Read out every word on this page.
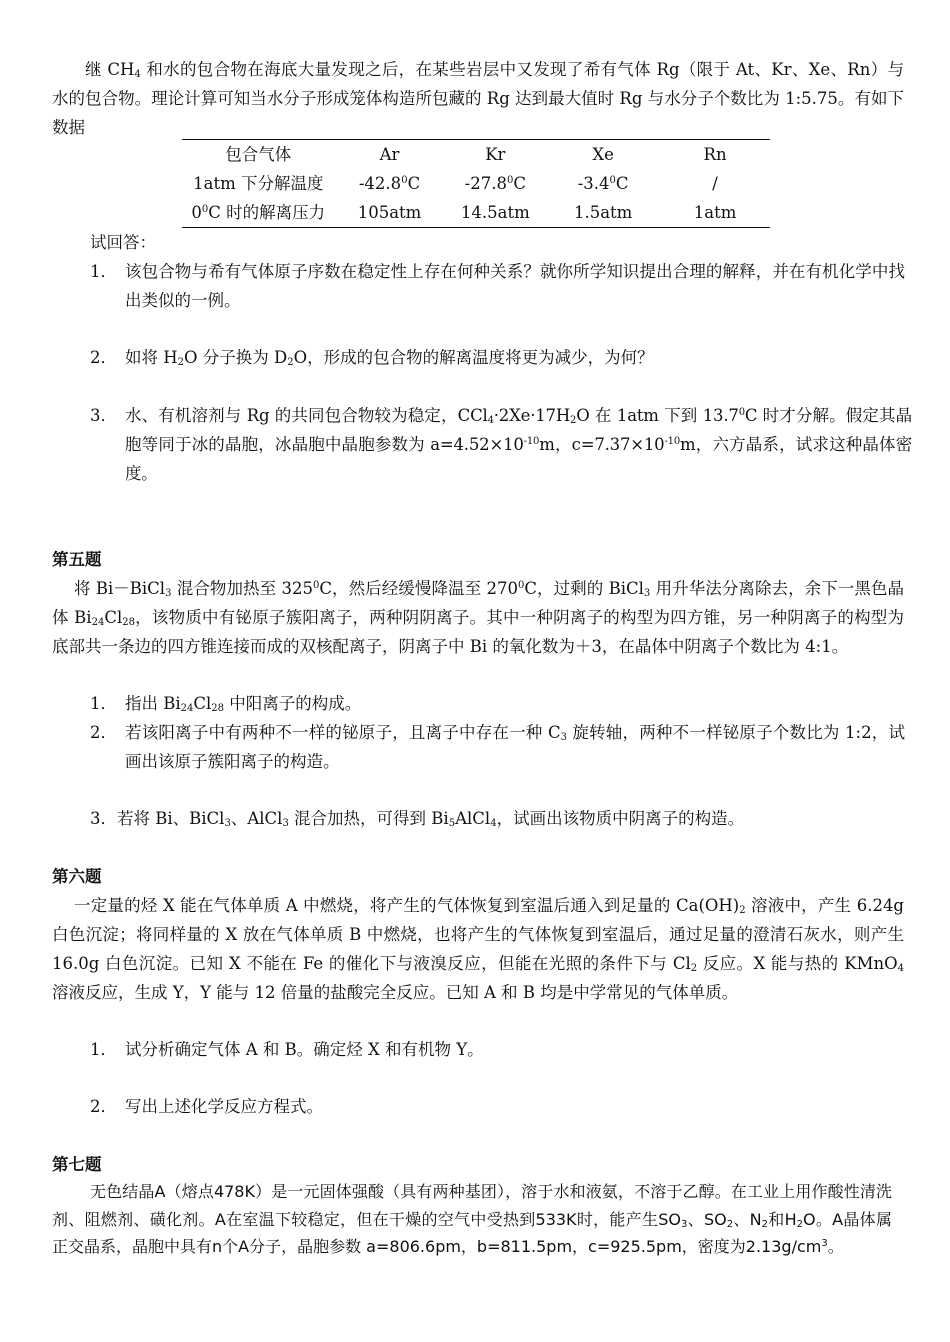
继 $CH_4$ 和水的包合物在海底大量发现之后，在某些岩层中又发现了希有气体 Rg（限于 At、Kr、Xe、Rn）与水的包合物。理论计算可知当水分子形成笼体构造所包藏的 Rg 达到最大值时 Rg 与水分子个数比为 1:5.75。有如下数据
包合气体	Ar	Kr	Xe	Rn
1atm 下分解温度	-42.8$^0$C	-27.8$^0$C	$-3.4^0C$	/
$0^0C$ 时的解离压力	105atm	14.5atm	1.5atm	1atm
试回答：
1． 该包合物与希有气体原子序数在稳定性上存在何种关系？就你所学知识提出合理的解释，并在有机化学中找出类似的一例。
2． 如将 $H_2O$ 分子换为 $D_2O$，形成的包合物的解离温度将更为减少，为何？
3． 水、有机溶剂与 Rg 的共同包合物较为稳定，$CCl_4\cdot 2Xe\cdot 17H_2O$ 在 1atm 下到 13.7$^0$C 时才分解。假定其晶胞等同于冰的晶胞，冰晶胞中晶胞参数为 $a=4.52\times 10^{-10}m$，$c=7.37\times 10^{-10}m$，六方晶系，试求这种晶体密度。
第五题
将 Bi－BiCl$_3$ 混合物加热至 $325^0C$，然后经缓慢降温至 $270^0C$，过剩的 BiCl$_3$ 用升华法分离除去，余下一黑色晶体 $Bi_{24}Cl_{28}$，该物质中有铋原子簇阳离子，两种阴阴离子。其中一种阴离子的构型为四方锥，另一种阴离子的构型为底部共一条边的四方锥连接而成的双核配离子，阴离子中 Bi 的氧化数为＋3，在晶体中阴离子个数比为 4:1。
1． 指出 $Bi_{24}Cl_{28}$ 中阳离子的构成。
2． 若该阳离子中有两种不一样的铋原子，且离子中存在一种 $C_3$ 旋转轴，两种不一样铋原子个数比为 1:2，试画出该原子簇阳离子的构造。
3．若将 Bi、BiCl$_3$、AlCl$_3$ 混合加热，可得到 $Bi_5AlCl_4$，试画出该物质中阴离子的构造。
第六题
一定量的烃 X 能在气体单质 A 中燃烧，将产生的气体恢复到室温后通入到足量的 $Ca(OH)_2$ 溶液中，产生 6.24g 白色沉淀；将同样量的 X 放在气体单质 B 中燃烧，也将产生的气体恢复到室温后，通过足量的澄清石灰水，则产生 16.0g 白色沉淀。已知 X 不能在 Fe 的催化下与液溴反应，但能在光照的条件下与 $Cl_2$ 反应。X 能与热的 KMnO$_4$ 溶液反应，生成 Y，Y 能与 12 倍量的盐酸完全反应。已知 A 和 B 均是中学常见的气体单质。
1． 试分析确定气体 A 和 B。确定烃 X 和有机物 Y。
2． 写出上述化学反应方程式。
第七题
无色结晶A（熔点478K）是一元固体强酸（具有两种基团），溶于水和液氨，不溶于乙醇。在工业上用作酸性清洗剂、阻燃剂、磺化剂。A在室温下较稳定，但在干燥的空气中受热到533K时，能产生$SO_3$、$SO_2$、$N_2$和$H_2O$。A晶体属正交晶系，晶胞中具有n个A分子，晶胞参数 a=806.6pm，b=811.5pm，c=925.5pm，密度为$2.13g/cm^3$。
